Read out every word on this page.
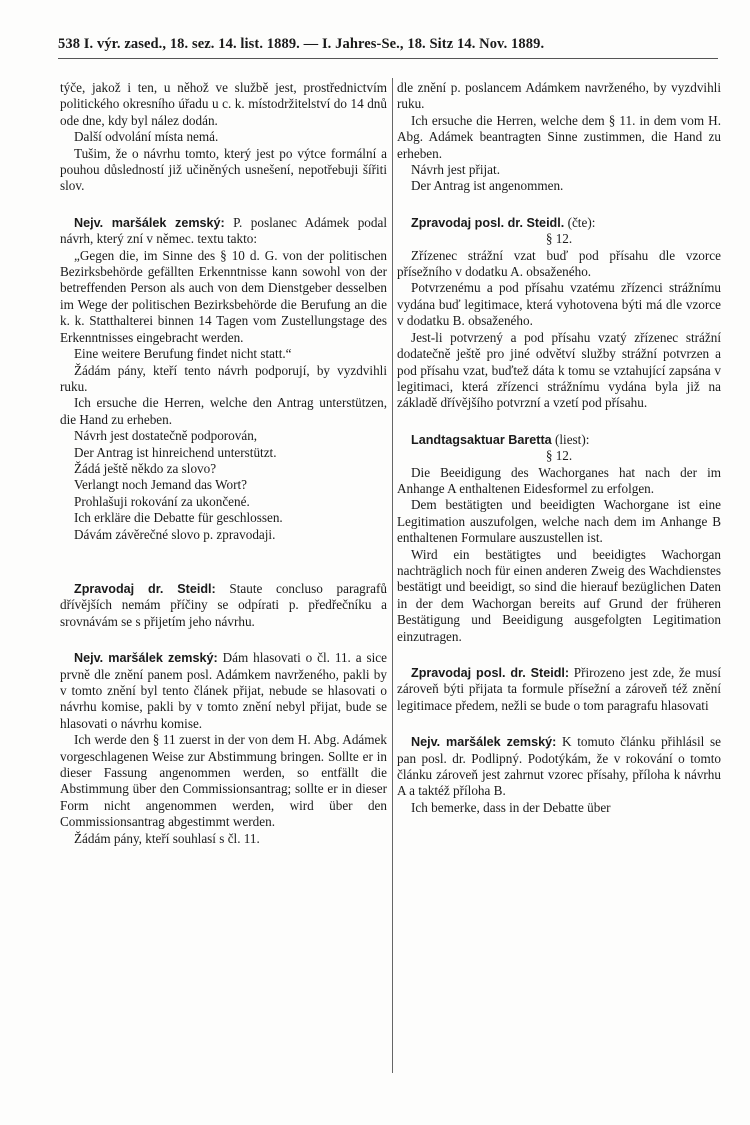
538 I. výr. zased., 18. sez. 14. list. 1889. — I. Jahres-Se., 18. Sitz 14. Nov. 1889.

týče, jakož i ten, u něhož ve službě jest, prostřednictvím politického okresního úřadu u c. k. místodržitelství do 14 dnů ode dne, kdy byl nález dodán.

Další odvolání místa nemá.

Tušim, že o návrhu tomto, který jest po výtce formální a pouhou důsledností již učiněných usnešení, nepotřebuji šířiti slov.

Nejv. maršálek zemský: P. poslanec Adámek podal návrh, který zní v němec. textu takto:

„Gegen die, im Sinne des § 10 d. G. von der politischen Bezirksbehörde gefällten Erkenntnisse kann sowohl von der betreffenden Person als auch von dem Dienstgeber desselben im Wege der politischen Bezirksbehörde die Berufung an die k. k. Statthalterei binnen 14 Tagen vom Zustellungstage des Erkenntnisses eingebracht werden.

Eine weitere Berufung findet nicht statt.“

Žádám pány, kteří tento návrh podporují, by vyzdvihli ruku.

Ich ersuche die Herren, welche den Antrag unterstützen, die Hand zu erheben.

Návrh jest dostatečně podporován,

Der Antrag ist hinreichend unterstützt.

Žádá ještě někdo za slovo?

Verlangt noch Jemand das Wort?

Prohlašuji rokování za ukončené.

Ich erkläre die Debatte für geschlossen.

Dávám závěrečné slovo p. zpravodaji.

Zpravodaj dr. Steidl: Staute concluso paragrafů dřívějších nemám příčiny se odpírati p. předřečníku a srovnávám se s přijetím jeho návrhu.

Nejv. maršálek zemský: Dám hlasovati o čl. 11. a sice prvně dle znění panem posl. Adámkem navrženého, pakli by v tomto znění byl tento článek přijat, nebude se hlasovati o návrhu komise, pakli by v tomto znění nebyl přijat, bude se hlasovati o návrhu komise.

Ich werde den § 11 zuerst in der von dem H. Abg. Adámek vorgeschlagenen Weise zur Abstimmung bringen. Sollte er in dieser Fassung angenommen werden, so entfällt die Abstimmung über den Commissionsantrag; sollte er in dieser Form nicht angenommen werden, wird über den Commissionsantrag abgestimmt werden.

Žádám pány, kteří souhlasí s čl. 11.

dle znění p. poslancem Adámkem navrženého, by vyzdvihli ruku.

Ich ersuche die Herren, welche dem § 11. in dem vom H. Abg. Adámek beantragten Sinne zustimmen, die Hand zu erheben.

Návrh jest přijat.

Der Antrag ist angenommen.

Zpravodaj posl. dr. Steidl. (čte):

§ 12.

Zřízenec strážní vzat buď pod přísahu dle vzorce přísežního v dodatku A. obsaženého.

Potvrzenému a pod přísahu vzatému zřízenci strážnímu vydána buď legitimace, která vyhotovena býti má dle vzorce v dodatku B. obsaženého.

Jest-li potvrzený a pod přísahu vzatý zřízenec strážní dodatečně ještě pro jiné odvětví služby strážní potvrzen a pod přísahu vzat, buďtež dáta k tomu se vztahující zapsána v legitimaci, která zřízenci strážnímu vydána byla již na základě dřívějšího potvrzní a vzetí pod přísahu.

Landtagsaktuar Baretta (liest):

§ 12.

Die Beeidigung des Wachorganes hat nach der im Anhange A enthaltenen Eidesformel zu erfolgen.

Dem bestätigten und beeidigten Wachorgane ist eine Legitimation auszufolgen, welche nach dem im Anhange B enthaltenen Formulare auszustellen ist.

Wird ein bestätigtes und beeidigtes Wachorgan nachträglich noch für einen anderen Zweig des Wachdienstes bestätigt und beeidigt, so sind die hierauf bezüglichen Daten in der dem Wachorgan bereits auf Grund der früheren Bestätigung und Beeidigung ausgefolgten Legitimation einzutragen.

Zpravodaj posl. dr. Steidl: Přirozeno jest zde, že musí zároveň býti přijata ta formule přísežní a zároveň též znění legitimace předem, nežli se bude o tom paragrafu hlasovati

Nejv. maršálek zemský: K tomuto článku přihlásil se pan posl. dr. Podlipný. Podotýkám, že v rokování o tomto článku zároveň jest zahrnut vzorec přísahy, příloha k návrhu A a taktéž příloha B.

Ich bemerke, dass in der Debatte über
